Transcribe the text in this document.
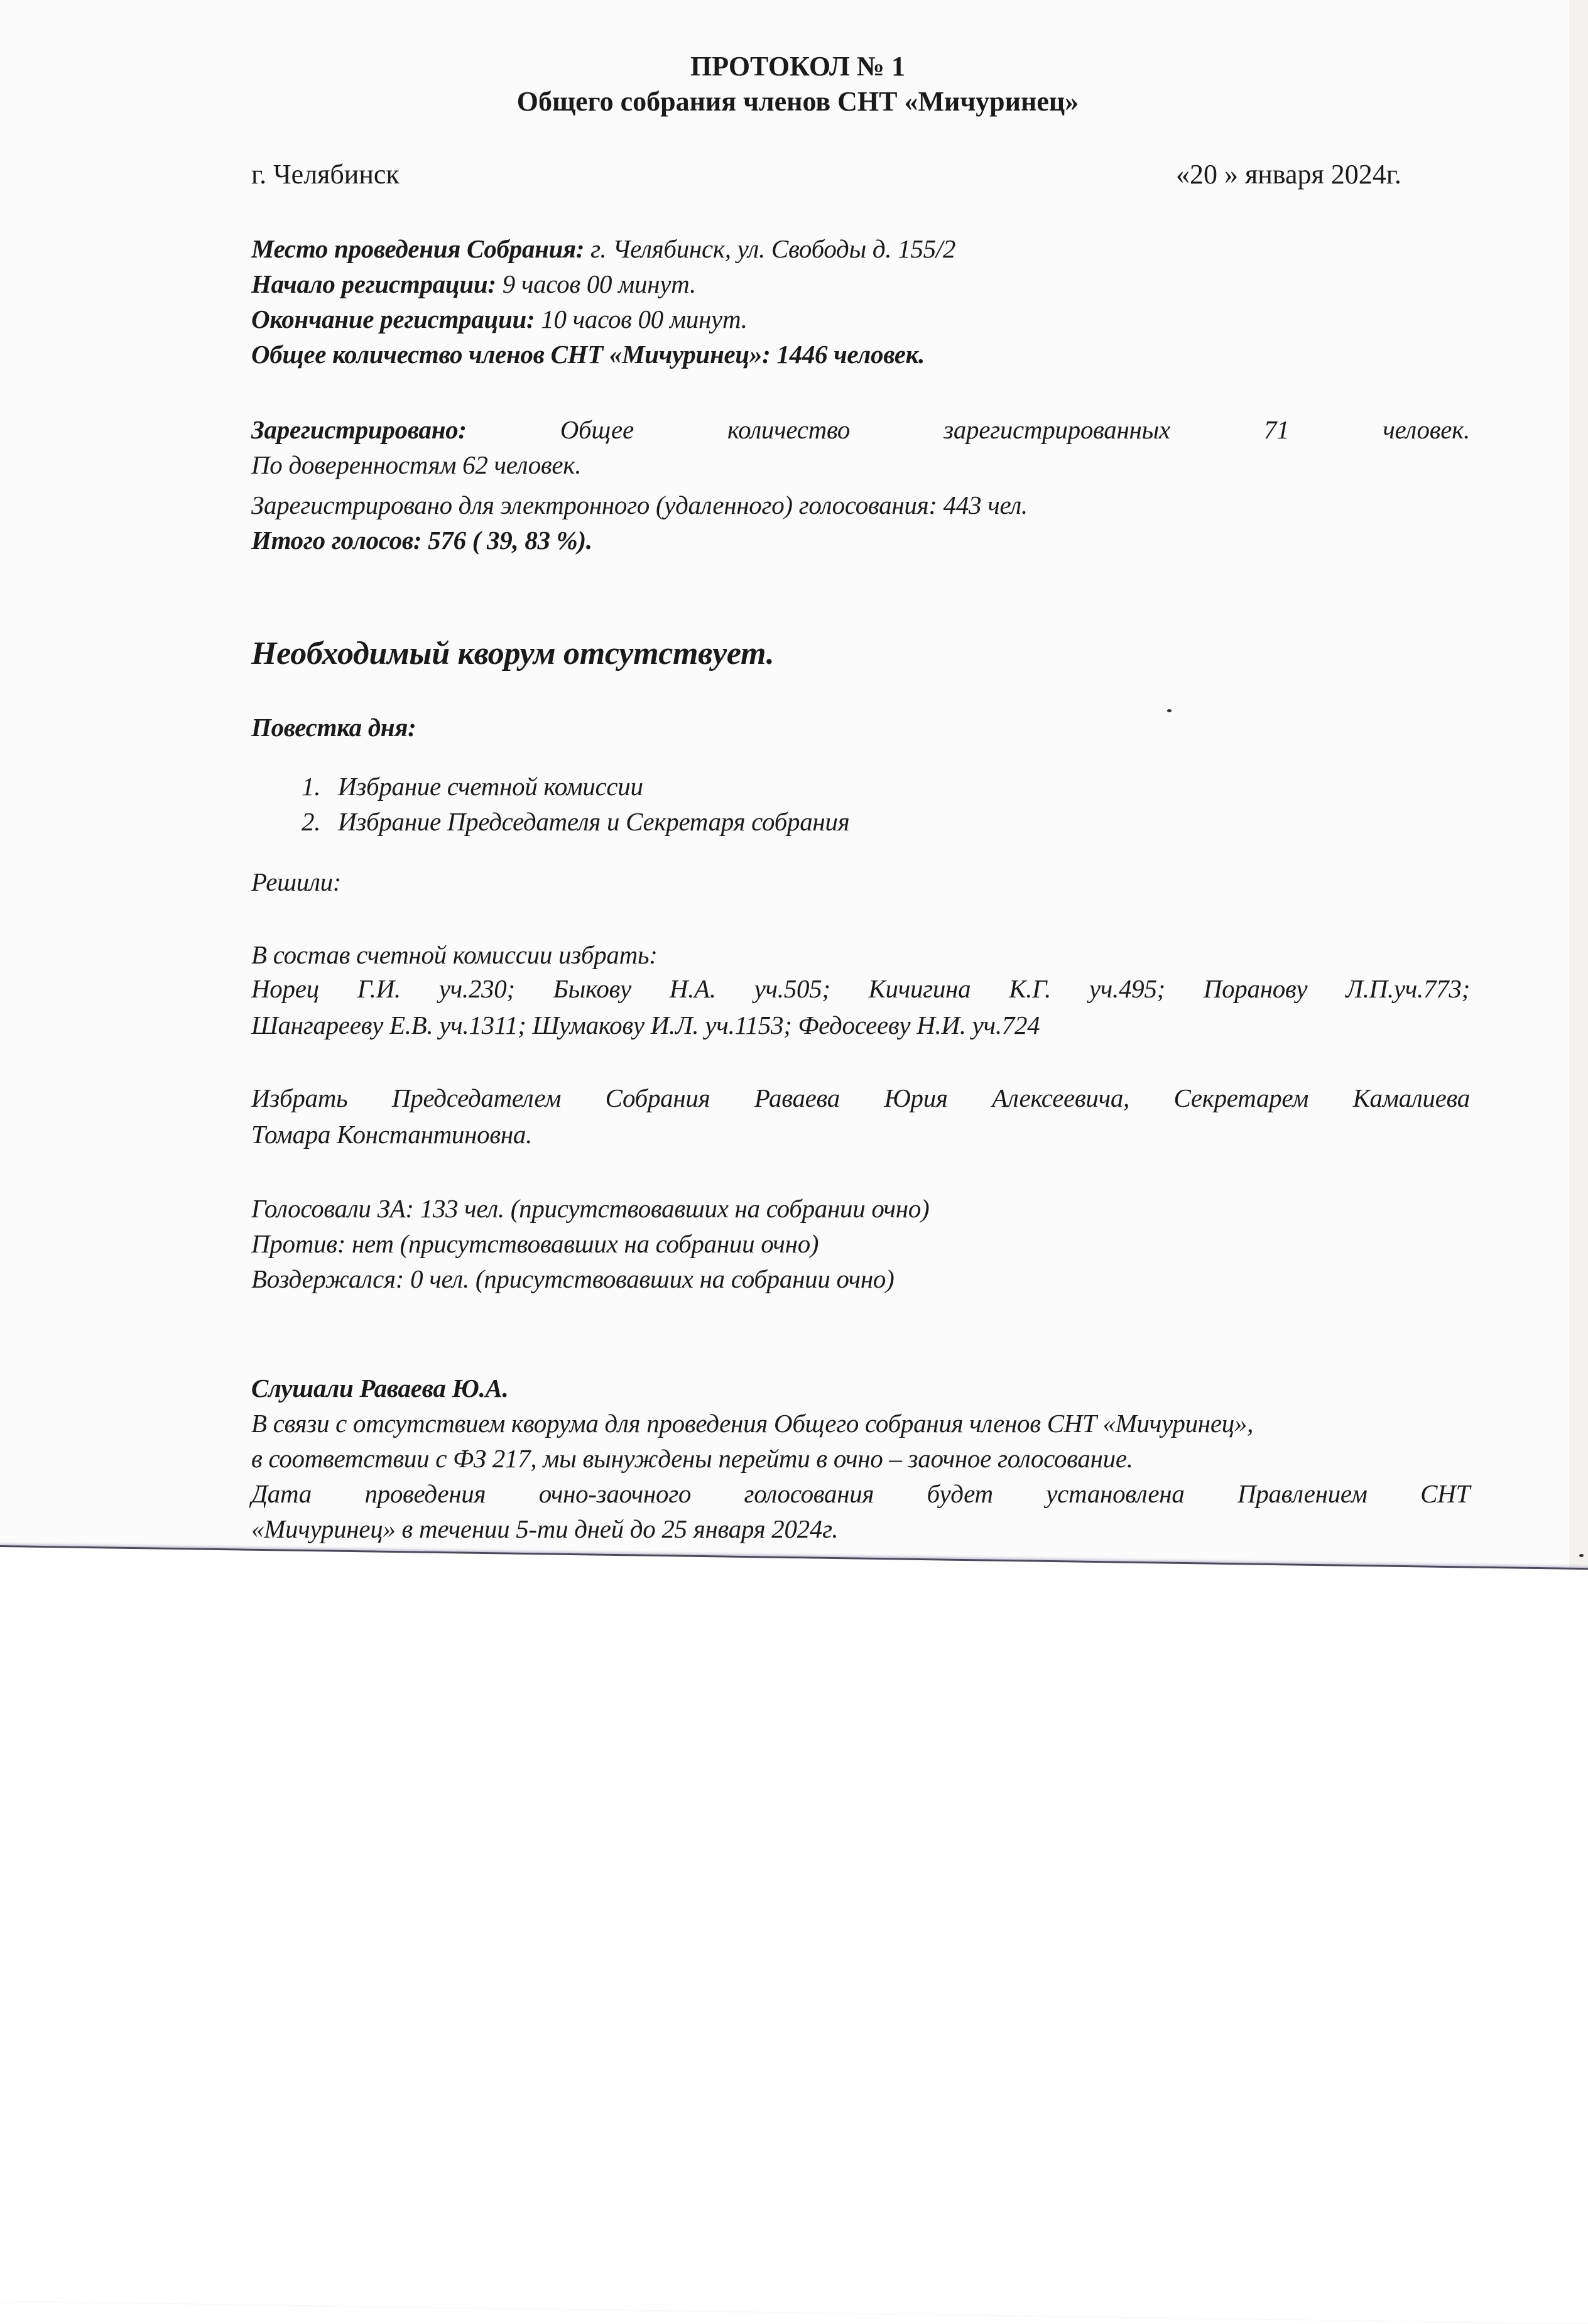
ПРОТОКОЛ № 1
Общего собрания членов СНТ «Мичуринец»
г. Челябинск	«20 » января 2024г.
Место проведения Собрания: г. Челябинск, ул. Свободы д. 155/2
Начало регистрации: 9 часов 00 минут.
Окончание регистрации: 10 часов 00 минут.
Общее количество членов СНТ «Мичуринец»: 1446 человек.
Зарегистрировано:	Общее	количество	зарегистрированных	71	человек.
По доверенностям 62 человек.
Зарегистрировано для электронного (удаленного) голосования: 443 чел.
Итого голосов: 576 ( 39, 83 %).
Необходимый кворум отсутствует.
Повестка дня:
1. Избрание счетной комиссии
2. Избрание Председателя и Секретаря собрания
Решили:
В состав счетной комиссии избрать:
Норец Г.И. уч.230; Быкову Н.А. уч.505; Кичигина К.Г. уч.495; Поранову Л.П.уч.773;
Шангарееву Е.В. уч.1311; Шумакову И.Л. уч.1153; Федосееву Н.И. уч.724
Избрать Председателем Собрания Раваева Юрия Алексеевича, Секретарем Камалиева
Томара Константиновна.
Голосовали ЗА: 133 чел. (присутствовавших на собрании очно)
Против: нет (присутствовавших на собрании очно)
Воздержался: 0 чел. (присутствовавших на собрании очно)
Слушали Раваева Ю.А.
В связи с отсутствием кворума для проведения Общего собрания членов СНТ «Мичуринец»,
в соответствии с ФЗ 217, мы вынуждены перейти в очно – заочное голосование.
Дата проведения очно-заочного голосования будет установлена Правлением СНТ
«Мичуринец» в течении 5-ти дней до 25 января 2024г.
